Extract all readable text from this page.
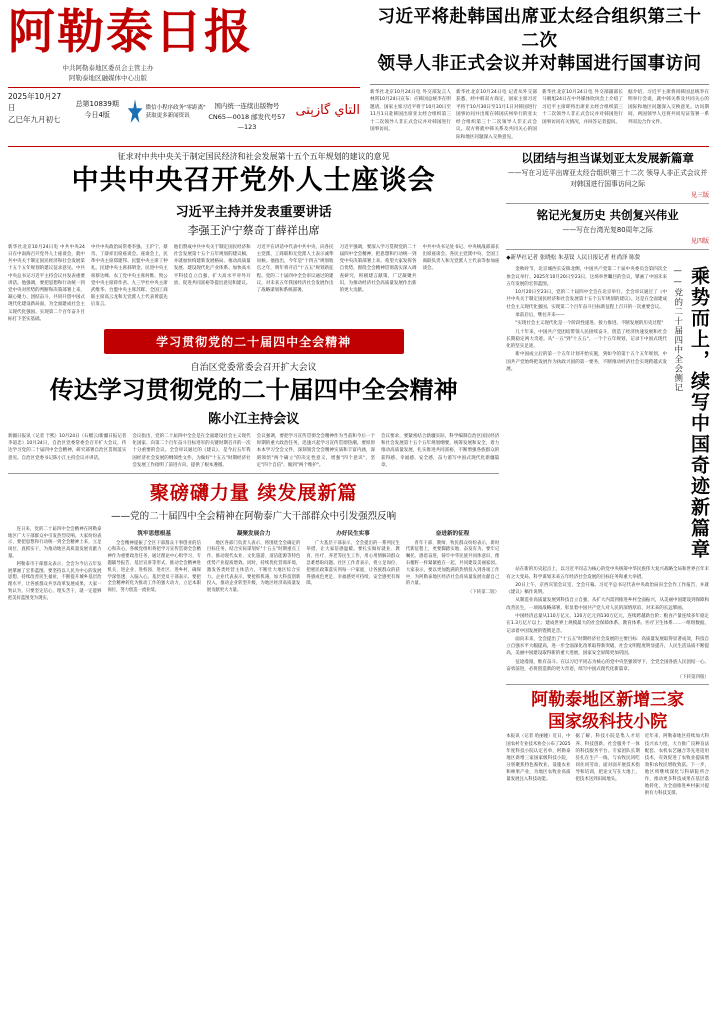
阿勒泰日报
中共阿勒泰地区委员会主管主办
阿勒泰地区融媒体中心出版
2025年10月27日
乙巳年九月初七
总第10839期
今日4版
微信小程序政务"零距离" 获取更多新闻资讯
国内统一连续出版物号CN65—0018 邮发代号57—123
التاي گازېتى
习近平将赴韩国出席亚太经合组织第三十二次
领导人非正式会议并对韩国进行国事访问
新华社北京10月24日电 外交部发言人林剑10月24日宣布：应韩国总统李在明邀请，国家主席习近平将于10月30日至11月1日赴韩国出席亚太经合组织第三十二次领导人非正式会议并对韩国进行国事访问。
新华社北京10月24日电 记者从外交部获悉，经中韩双方商定，国家主席习近平将于10月30日至11月1日对韩国进行国事访问并出席在韩国庆州举行的亚太经合组织第三十二次领导人非正式会议。双方将就中韩关系及共同关心的国际和地区问题深入交换意见。
新华社北京10月24日电 外交部副部长马朝旭24日在中外媒体吹风会上介绍了习近平主席即将出席亚太经合组织第三十二次领导人非正式会议并对韩国进行国事访问有关情况，并回答记者提问。
据介绍，习近平主席将同韩国总统李在明举行会谈，就中韩关系及共同关心的国际和地区问题深入交换意见。访问期间，两国领导人还将共同见证签署一系列双边合作文件。
征求对中共中央关于制定国民经济和社会发展第十五个五年规划的建议的意见
中共中央召开党外人士座谈会
习近平主持并发表重要讲话
李强王沪宁蔡奇丁薛祥出席
新华社北京10月24日电 中共中央24日在中南海召开党外人士座谈会，就中共中央关于制定国民经济和社会发展第十五个五年规划的建议征求意见。中共中央总书记习近平主持会议并发表重要讲话。他强调，要把思想和行动统一到党中央对形势的判断和决策部署上来，凝心聚力、团结奋斗，共同开创中国式现代化建设新局面，为全面建成社会主义现代化强国、实现第二个百年奋斗目标打下坚实基础。
中共中央政治局常委李强、王沪宁、蔡奇、丁薛祥出席座谈会。座谈会上，民革中央主席郑建邦、民盟中央主席丁仲礼、民建中央主席郝明金、民进中央主席蔡达峰、农工党中央主席何维、致公党中央主席蒋作君、九三学社中央主席武维华、台盟中央主席苏辉、全国工商联主席高云龙和无党派人士代表黄震先后发言。
他们赞成中共中央关于制定国民经济和社会发展第十五个五年规划的建议稿，并就加快构建新发展格局、推动高质量发展、建设现代化产业体系、加快高水平科技自立自强、扩大高水平对外开放、促进共同富裕等提出意见和建议。
习近平在讲话中代表中共中央，向各民主党派、工商联和无党派人士表示诚挚问候。他指出，今年是"十四五"规划收官之年，明年将开启"十五五"规划新征程。党的二十届四中全会审议通过的建议，对未来五年我国经济社会发展作出了战略谋划和系统部署。
习近平强调，要深入学习贯彻党的二十届四中全会精神，把思想和行动统一到党中央决策部署上来。希望大家发挥各自优势，围绕全会精神贯彻落实深入调查研究，积极建言献策，广泛凝聚共识，为推动经济社会高质量发展作出新的更大贡献。
中共中央书记处书记、中央统战部部长出席座谈会。各民主党派中央、全国工商联负责人和无党派人士代表等参加座谈会。
学习贯彻党的二十届四中全会精神
自治区党委常委会召开扩大会议
传达学习贯彻党的二十届四中全会精神
陈小江主持会议
新疆日报讯（记者 于熙）10月24日（石榴云/新疆日报记者 李道忠）10月24日，自治区党委常委会召开扩大会议，传达学习党的二十届四中全会精神，研究部署自治区贯彻落实意见。自治区党委书记陈小江主持会议并讲话。
会议指出，党的二十届四中全会是在全面建设社会主义现代化国家、向第二个百年奋斗目标进军的关键时期召开的一次十分重要的会议。全会审议通过的《建议》，是今后五年我国经济社会发展的纲领性文件，为做好"十五五"时期经济社会发展工作指明了前进方向、提供了根本遵循。
会议强调，要把学习宣传贯彻全会精神作为当前和今后一个时期的重大政治任务，迅速兴起学习宣传贯彻热潮。要原原本本学习全会文件，深刻领会全会精神实质和丰富内涵，深刻领悟"两个确立"的决定性意义，增强"四个意识"、坚定"四个自信"、做到"两个维护"。
会议要求，要紧密结合新疆实际，科学编制自治区国民经济和社会发展第十五个五年规划纲要，统筹发展和安全，着力推动高质量发展，扎实推进共同富裕，不断增强各族群众的获得感、幸福感、安全感，奋力谱写中国式现代化新疆篇章。
聚磅礴力量 续发展新篇
——党的二十届四中全会精神在阿勒泰广大干部群众中引发强烈反响
连日来，党的二十届四中全会精神在阿勒泰地区广大干部群众中引发热烈反响。大家纷纷表示，要把思想和行动统一到全会精神上来，立足岗位、真抓实干，为推动地区高质量发展贡献力量。
阿勒泰市干部群众表示，全会为今后五年发展擘画了宏伟蓝图。要坚持以人民为中心的发展思想，持续改善民生福祉，不断提升城乡基层治理水平，让各族群众共享改革发展成果。大家一致认为，只要坚定信心、埋头苦干，就一定能够把美好蓝图变为现实。
筑牢思想根基
全会精神提振了全区干部群众干事创业的信心和决心。各级党组织将把学习宣传贯彻全会精神作为重要政治任务，通过理论中心组学习、专题辅导报告、基层宣讲等形式，推动全会精神进机关、进企业、进校园、进社区、进乡村，确保学深悟透、入脑入心。基层党员干部表示，要把全会精神转化为推动工作的强大动力，立足本职岗位，努力创造一流业绩。
凝聚发展合力
地区各部门负责人表示，将围绕全会确定的目标任务，结合实际谋划好"十五五"时期重点工作，推动现代农业、文化旅游、清洁能源等特色优势产业提质增效。同时，持续优化营商环境，激发各类经营主体活力，不断壮大地区综合实力。企业代表表示，要抢抓机遇，加大科技创新投入，推动企业转型升级，为地区经济高质量发展贡献更大力量。
办好民生实事
广大基层干部表示，全会提出的一系列民生举措，让大家倍感温暖。要扎实做好就业、教育、医疗、养老等民生工作，用心用情解决群众急难愁盼问题。社区工作者表示，将立足岗位，把惠民政策落实到每一户家庭，让各族群众的获得感成色更足、幸福感更可持续、安全感更有保障。
奋进新的征程
青年干部、教师、牧民群众纷纷表示，新时代新征程上，更要脚踏实地、奋发有为。要牢记嘱托、感恩奋进，铸牢中华民族共同体意识，像石榴籽一样紧紧抱在一起，共同建设美丽家园。大家表示，要以更加饱满的热情投入到各项工作中，为阿勒泰地区经济社会高质量发展贡献自己的力量。
（下转第二版）
以团结与担当谋划亚太发展新篇章
——写在习近平出席亚太经合组织第三十二次 领导人非正式会议并对韩国进行国事访问之际
见三版
铭记光复历史 共创复兴伟业
——写在台湾光复80周年之际
见四版
◆新华社记者 张晓松 朱基钗 人民日报记者 杜尚泽 陈贽
乘势而上，续写中国奇迹新篇章
——党的二十届四中全会侧记
金秋时节，北京城西长安街北侧，中国共产党第二十届中央委员会第四次全体会议举行。2025年10月20日至23日，这场举世瞩目的会议，擘画了中国未来五年发展的宏伟蓝图。
10月20日至23日，党的二十届四中全会在北京举行。全会审议通过了《中共中央关于制定国民经济和社会发展第十五个五年规划的建议》。这是在全面建成社会主义现代化强国、实现第二个百年奋斗目标新征程上召开的一次重要会议。
承前启后，继往开来——
"实现社会主义现代化是一个阶段性递进、接力推进、不断发展的历史过程"
几十年来，中国共产党团结带领人民接续奋斗，创造了经济快速发展和社会长期稳定两大奇迹。从"一五"到"十五五"，一个个五年规划，记录下中国式现代化的坚实足迹。
新中国成立后的第一个五年计划开始实施，到如今的第十五个五年规划，中国共产党始终把发展作为执政兴国的第一要务，不断推动经济社会实现跨越式发展。
站在新的历史起点上，以习近平同志为核心的党中央统筹中华民族伟大复兴战略全局和世界百年未有之大变局，科学谋划未来五年经济社会发展的目标任务和重大举措。
20日上午，京西宾馆会议室，全会开幕。习近平总书记代表中央政治局向全会作工作报告，并就《建议》稿作说明。
从制造业高质量发展到科技自立自强，从扩大内需到推进乡村全面振兴，从美丽中国建设到保障和改善民生，一项项战略部署，彰显着中国共产党人对人民的深情厚谊、对未来的长远擘画。
中国经济总量从110万亿元、120万亿元到130万亿元，连续跨越新台阶；粮食产量连续多年稳定在1.3万亿斤以上；建成世界上规模最大的社会保障体系、教育体系、医疗卫生体系……一组组数据，记录着中国发展的铿锵足音。
面向未来，全会提出了"十五五"时期经济社会发展的主要目标：高质量发展取得显著成效，科技自立自强水平大幅提高，进一步全面深化改革取得新突破，社会文明程度明显提升，人民生活品质不断提高，美丽中国建设取得新的重大进展，国家安全屏障更加巩固。
征途漫漫，惟有奋斗。在以习近平同志为核心的党中央坚强领导下，全党全国各族人民团结一心、奋勇前进，必将创造新的更大奇迹，续写中国式现代化新篇章。
（下转第四版）
阿勒泰地区新增三家
国家级科技小院
本报讯（记者 哈丽娅）近日，中国农村专业技术协会公布了2025年度科技小院认定名单，阿勒泰地区新增三家国家级科技小院，分别聚焦特色畜牧业、设施农业和林果产业，为地区农牧业高质量发展注入科技动能。
据了解，科技小院是集人才培养、科技创新、社会服务于一体的科技服务平台。专家团队长期驻扎在生产一线，与农牧民同吃同住同劳动，面对面开展技术指导和培训，把论文写在大地上，把技术送到田间地头。
近年来，阿勒泰地区持续加大科技兴农力度，大力推广良种良法配套、农机农艺融合等先进适用技术，有效促进了农牧业提质增效和农牧民增收致富。下一步，地区将继续深化与科研院所合作，推动更多科技成果在基层落地转化，为全面推进乡村振兴提供有力科技支撑。
